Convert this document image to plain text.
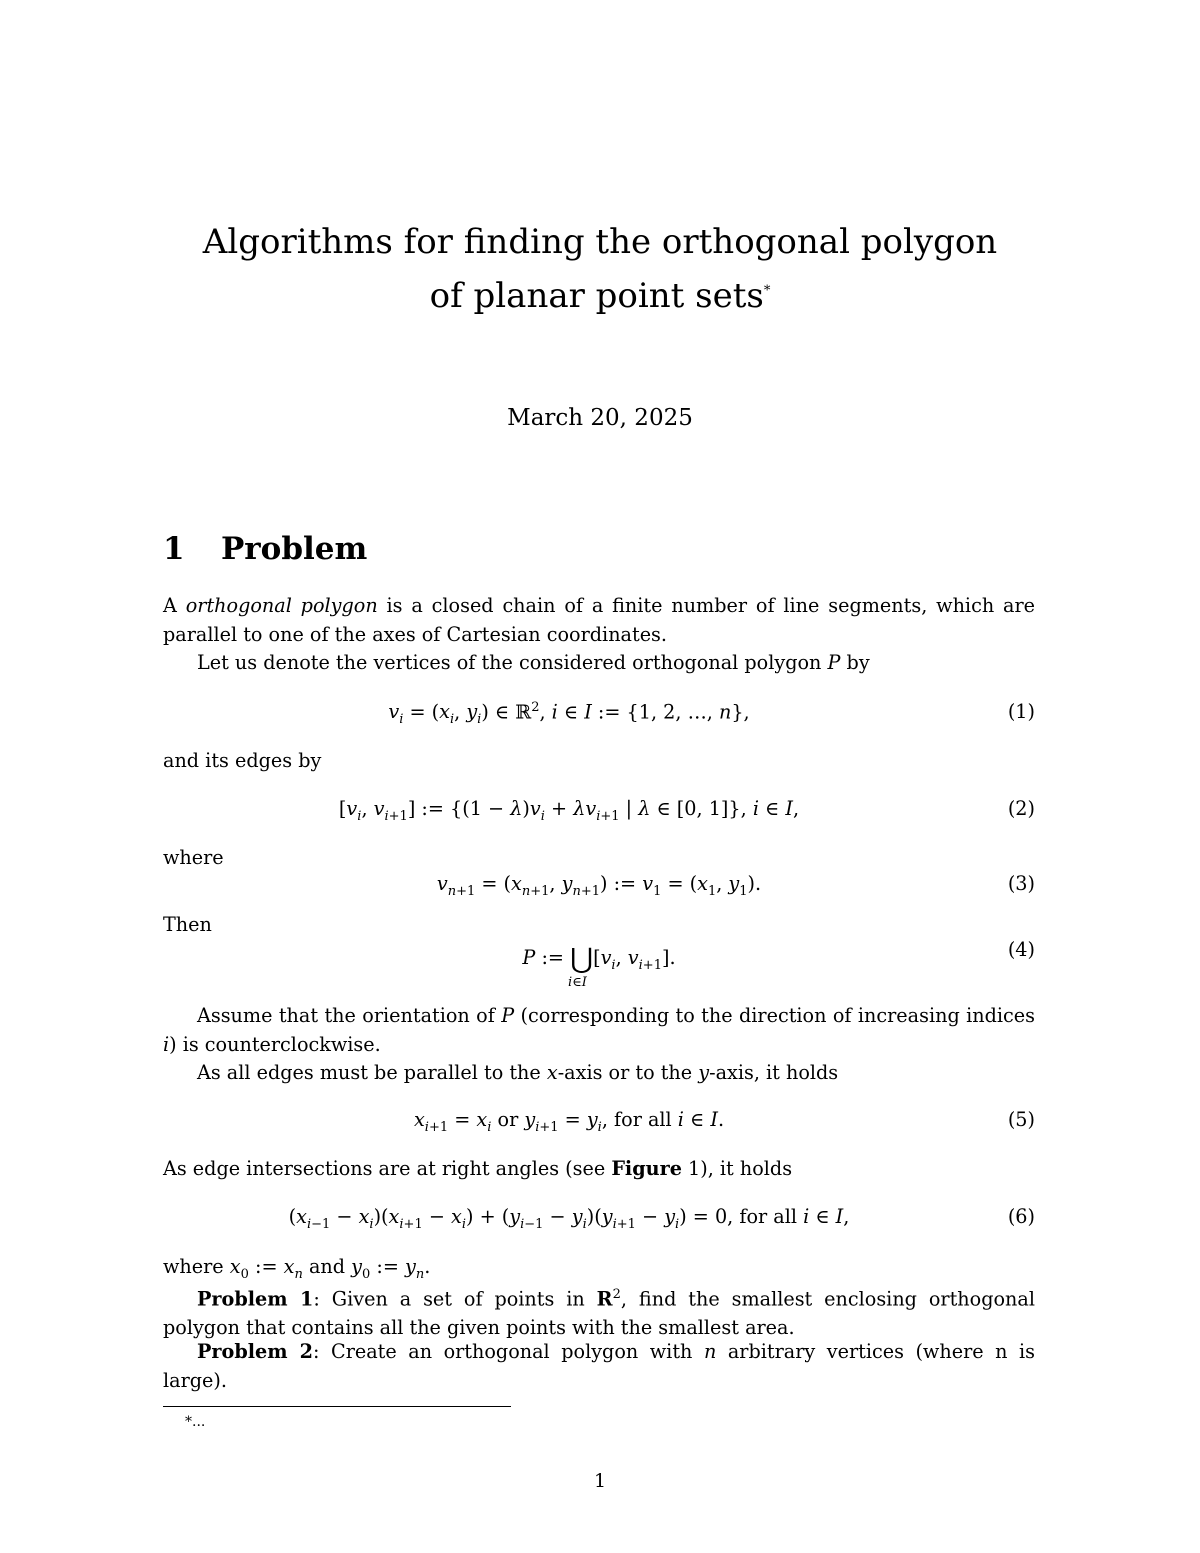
Algorithms for finding the orthogonal polygon
of planar point sets*
March 20, 2025
1 Problem
A orthogonal polygon is a closed chain of a finite number of line segments, which are parallel to one of the axes of Cartesian coordinates.
Let us denote the vertices of the considered orthogonal polygon P by
$v_i = (x_i$, $y_i$) ∈ ℝ$^2$, i ∈ I := {1, 2, …, n},	(1)
and its edges by
[$v_i$, $v_{i+1}$] := {$(1 - \lambda)v_i + \lambda v_{i+1}$ | λ ∈ [0, 1]}, i ∈ I,	(2)
where
$v_{n+1} = (x_{n+1}$, $y_{n+1}$) := $v_1 = (x_1$, $y_1$).	(3)
Then
P := $⋃[v_i$, $v_{i+1}$].
i∈I
(4)
Assume that the orientation of P (corresponding to the direction of increasing indices i) is counterclockwise.
As all edges must be parallel to the x-axis or to the y-axis, it holds
$x_{i+1} = x_i$ or $y_{i+1} = y_i$, for all i ∈ I.	(5)
As edge intersections are at right angles (see Figure 1), it holds
$(x_{i-1} - x_i)(x_{i+1} - x_i) + (y_{i-1} - y_i)(y_{i+1} - y_i) = 0$, for all i ∈ I,	(6)
where $x_0$ := $x_n$ and $y_0$ := $y_n$.
Problem 1: Given a set of points in $R^2$, find the smallest enclosing orthogonal polygon that contains all the given points with the smallest area.
Problem 2: Create an orthogonal polygon with n arbitrary vertices (where n is large).
*...
1
